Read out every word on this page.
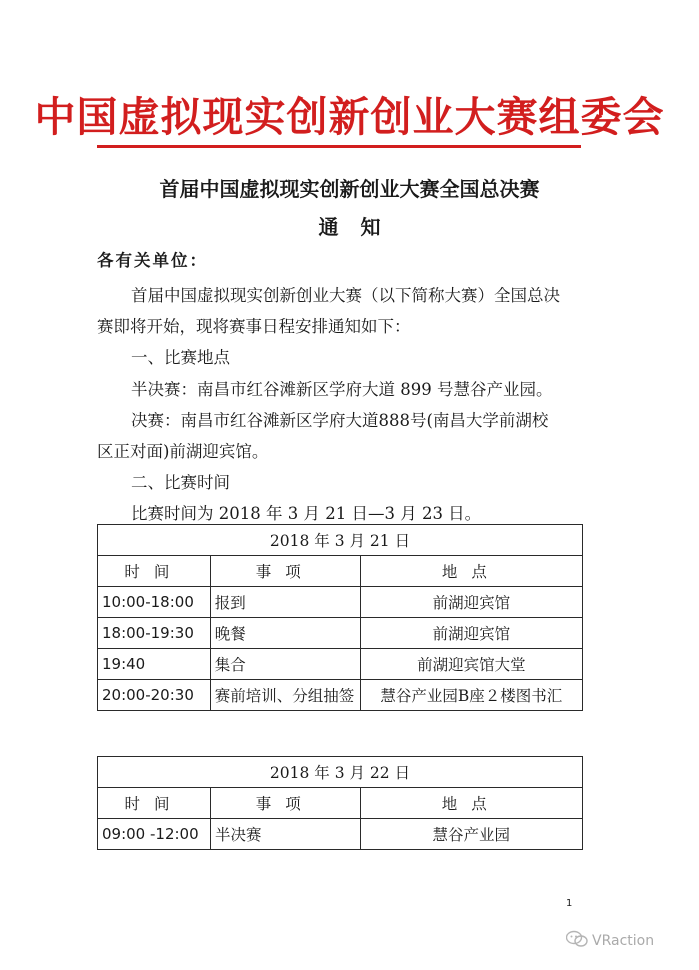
中国虚拟现实创新创业大赛组委会
首届中国虚拟现实创新创业大赛全国总决赛
通知
各有关单位：
首届中国虚拟现实创新创业大赛（以下简称大赛）全国总决
赛即将开始，现将赛事日程安排通知如下：
一、比赛地点
半决赛：南昌市红谷滩新区学府大道 899 号慧谷产业园。
决赛：南昌市红谷滩新区学府大道888号(南昌大学前湖校
区正对面)前湖迎宾馆。
二、比赛时间
比赛时间为 2018 年 3 月 21 日—3 月 23 日。
2018 年 3 月 21 日		
时间	事项	地点
10:00-18:00	报到	前湖迎宾馆
18:00-19:30	晚餐	前湖迎宾馆
19:40	集合	前湖迎宾馆大堂
20:00-20:30	赛前培训、分组抽签	慧谷产业园B座２楼图书汇
2018 年 3 月 22 日		
时间	事项	地点
09:00 -12:00	半决赛	慧谷产业园
1
VRaction
